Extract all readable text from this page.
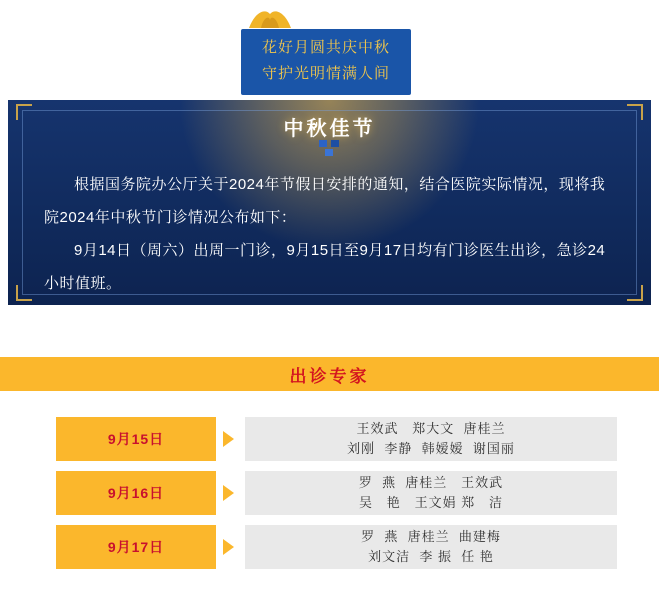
花好月圆共庆中秋
守护光明情满人间
中秋佳节

根据国务院办公厅关于2024年节假日安排的通知，结合医院实际情况，现将我院2024年中秋节门诊情况公布如下：

9月14日（周六）出周一门诊，9月15日至9月17日均有门诊医生出诊，急诊24小时值班。

出诊专家
9月15日
王效武   郑大文  唐桂兰
刘刚  李静  韩嫒嫒  谢国丽
9月16日
罗  燕  唐桂兰   王效武
吴   艳   王文娟 郑   洁
9月17日
罗  燕  唐桂兰  曲建梅
刘文洁  李 振  任 艳
